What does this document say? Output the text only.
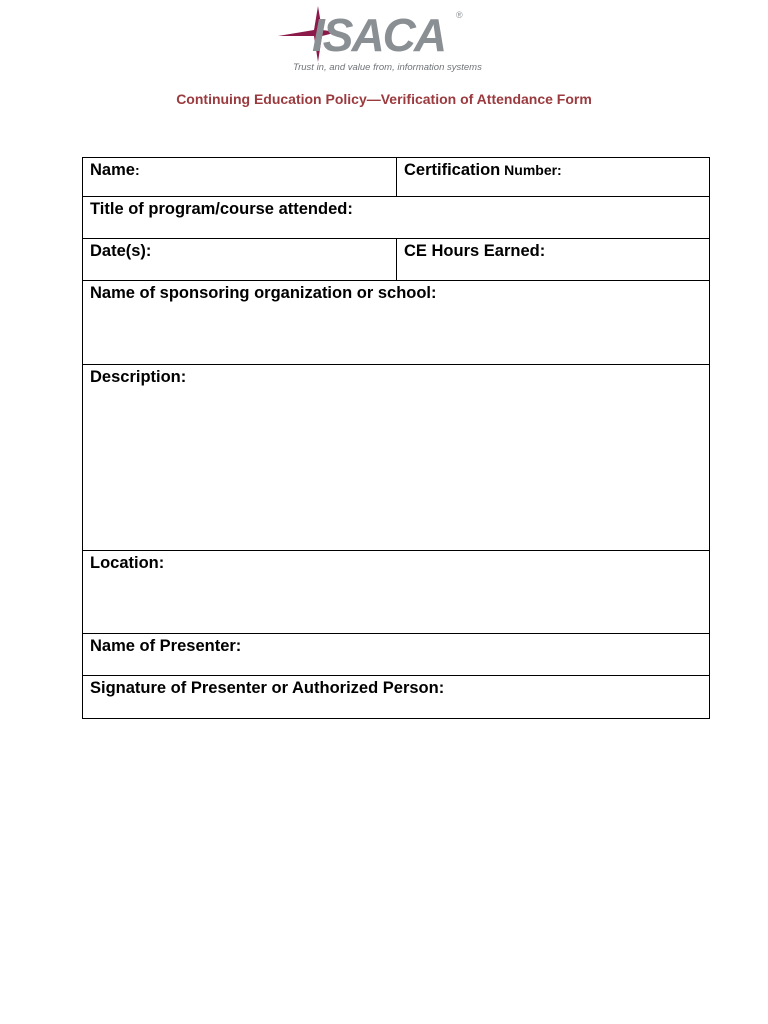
ISACA ®
Trust in, and value from, information systems
Continuing Education Policy—Verification of Attendance Form
Name:	Certification Number:
Title of program/course attended:	
Date(s):	CE Hours Earned:
Name of sponsoring organization or school:	
Description:	
Location:	
Name of Presenter:	
Signature of Presenter or Authorized Person:	
